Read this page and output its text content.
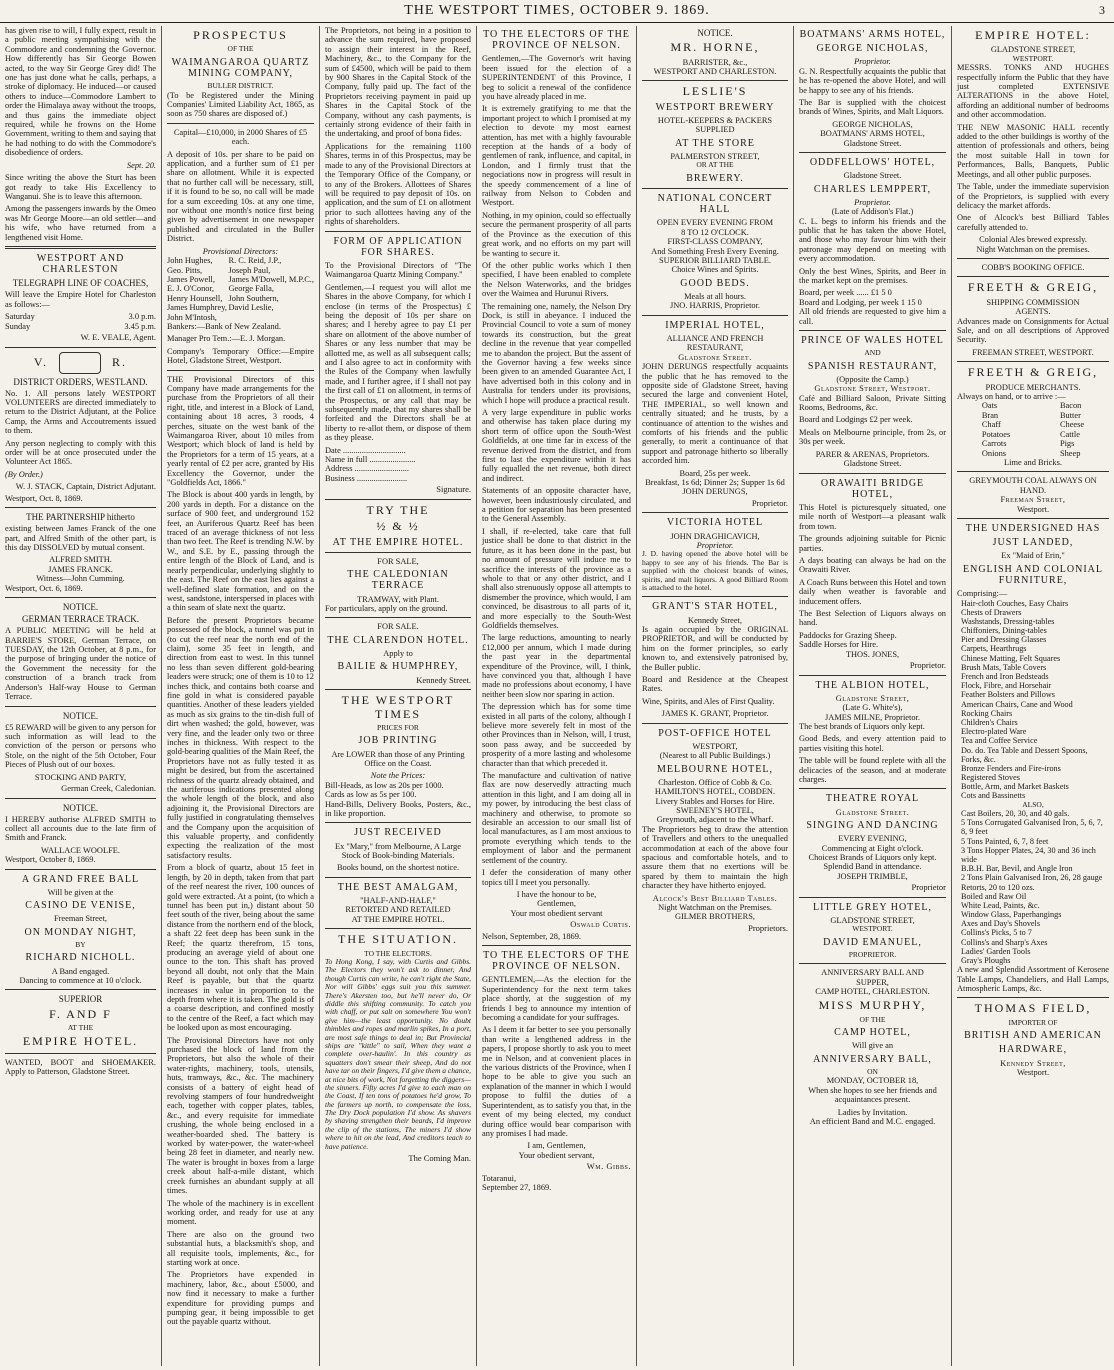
THE WESTPORT TIMES, OCTOBER 9. 1869.	3

has given rise to will, I fully expect, result in a public meeting sympathising with the Commodore and condemning the Governor. How differently has Sir George Bowen acted, to the way Sir George Grey did! The one has just done what he calls, perhaps, a stroke of diplomacy. He induced—or caused others to induce—Commodore Lambert to order the Himalaya away without the troops, and thus gains the immediate object required, while he frowns on the Home Government, writing to them and saying that he had nothing to do with the Commodore's disobedience of orders.

Sept. 20.

Since writing the above the Sturt has been got ready to take His Excellency to Wanganui. She is to leave this afternoon.

Among the passengers inwards by the Omeo was Mr George Moore—an old settler—and his wife, who have returned from a lengthened visit Home.

WESTPORT AND CHARLESTON
TELEGRAPH LINE OF COACHES,

Will leave the Empire Hotel for Charleston as follows:—

Saturday	3.0 p.m.
Sunday	3.45 p.m.
W. E. VEALE, Agent.
V.	R.
DISTRICT ORDERS, WESTLAND.

No. 1. All persons lately WESTPORT VOLUNTEERS are directed immediately to return to the District Adjutant, at the Police Camp, the Arms and Accoutrements issued to them.

Any person neglecting to comply with this order will be at once prosecuted under the Volunteer Act 1865.

(By Order.)

W. J. STACK, Captain, District Adjutant.

Westport, Oct. 8, 1869.

THE PARTNERSHIP hitherto

existing between James Franck of the one part, and Alfred Smith of the other part, is this day DISSOLVED by mutual consent.

ALFRED SMITH.
JAMES FRANCK.
Witness—John Cumming.

Westport, Oct. 6, 1869.

NOTICE.
GERMAN TERRACE TRACK.

A PUBLIC MEETING will be held at BARRIE'S STORE, German Terrace, on TUESDAY, the 12th October, at 8 p.m., for the purpose of bringing under the notice of the Government the necessity for the construction of a branch track from Anderson's Half-way House to German Terrace.

NOTICE.

£5 REWARD will be given to any person for such information as will lead to the conviction of the person or persons who Stole, on the night of the 5th October, Four Pieces of Plush out of our boxes.

STOCKING AND PARTY,
German Creek, Caledonian.
NOTICE.

I HEREBY authorise ALFRED SMITH to collect all accounts due to the late firm of Smith and Franck.

WALLACE WOOLFE.

Westport, October 8, 1869.

A GRAND FREE BALL
Will be given at the
CASINO DE VENISE,
Freeman Street,
ON MONDAY NIGHT,
BY
RICHARD NICHOLL.
A Band engaged.
Dancing to commence at 10 o'clock.
SUPERIOR
F. AND F
AT THE
EMPIRE HOTEL.

WANTED, BOOT and SHOEMAKER. Apply to Patterson, Gladstone Street.

PROSPECTUS
OF THE
WAIMANGAROA QUARTZ MINING COMPANY,
BULLER DISTRICT.

(To be Registered under the Mining Companies' Limited Liability Act, 1865, as soon as 750 shares are disposed of.)

Capital—£10,000, in 2000 Shares of £5 each.

A deposit of 10s. per share to be paid on application, and a further sum of £1 per share on allotment. While it is expected that no further call will be necessary, still, if it is found to be so, no call will be made for a sum exceeding 10s. at any one time, nor without one month's notice first being given by advertisement in one newspaper published and circulated in the Buller District.

Provisional Directors:
John Hughes,
Geo. Pitts,
James Powell,
E. J. O'Conor,
Henry Hounsell,
James Humphrey,
John M'Intosh,
R. C. Reid, J.P.,
Joseph Paul,
James M'Dowell, M.P.C.,
George Falla,
John Southern,
David Leslie,

Bankers:—Bank of New Zealand.

Manager Pro Tem.:—E. J. Morgan.

Company's Temporary Office:—Empire Hotel, Gladstone Street, Westport.

THE Provisional Directors of this Company have made arrangements for the purchase from the Proprietors of all their right, title, and interest in a Block of Land, containing about 18 acres, 3 roods, 4 perches, situate on the west bank of the Waimangaroa River, about 10 miles from Westport; which block of land is held by the Proprietors for a term of 15 years, at a yearly rental of £2 per acre, granted by His Excellency the Governor, under the "Goldfields Act, 1866."

The Block is about 400 yards in length, by 200 yards in depth. For a distance on the surface of 900 feet, and underground 152 feet, an Auriferous Quartz Reef has been traced of an average thickness of not less than two feet. The Reef is trending N.W. by W., and S.E. by E., passing through the entire length of the Block of Land, and is nearly perpendicular, underlying slightly to the east. The Reef on the east lies against a well-defined slate formation, and on the west, sandstone, interspersed in places with a thin seam of slate next the quartz.

Before the present Proprietors became possessed of the block, a tunnel was put in (to cut the reef near the north end of the claim), some 35 feet in length, and direction from east to west. In this tunnel no less than seven different gold-bearing leaders were struck; one of them is 10 to 12 inches thick, and contains both coarse and fine gold in what is considered payable quantities. Another of these leaders yielded as much as six grains to the tin-dish full of dirt when washed; the gold, however, was very fine, and the leader only two or three inches in thickness. With respect to the gold-bearing qualities of the Main Reef, the Proprietors have not as fully tested it as might be desired, but from the ascertained richness of the quartz already obtained, and the auriferous indications presented along the whole length of the block, and also adjoining it, the Provisional Directors are fully justified in congratulating themselves and the Company upon the acquisition of this valuable property, and confidently expecting the realization of the most satisfactory results.

From a block of quartz, about 15 feet in length, by 20 in depth, taken from that part of the reef nearest the river, 100 ounces of gold were extracted. At a point, (to which a tunnel has been put in,) distant about 50 feet south of the river, being about the same distance from the northern end of the block, a shaft 22 feet deep has been sunk in the Reef; the quartz therefrom, 15 tons, producing an average yield of about one ounce to the ton. This shaft has proved beyond all doubt, not only that the Main Reef is payable, but that the quartz increases in value in proportion to the depth from where it is taken. The gold is of a coarse description, and confined mostly to the centre of the Reef, a fact which may be looked upon as most encouraging.

The Provisional Directors have not only purchased the block of land from the Proprietors, but also the whole of their water-rights, machinery, tools, utensils, huts, tramways, &c., &c. The machinery consists of a battery of eight head of revolving stampers of four hundredweight each, together with copper plates, tables, &c., and every requisite for immediate crushing, the whole being enclosed in a weather-boarded shed. The battery is worked by water-power, the water-wheel being 28 feet in diameter, and nearly new. The water is brought in boxes from a large creek about half-a-mile distant, which creek furnishes an abundant supply at all times.

The whole of the machinery is in excellent working order, and ready for use at any moment.

There are also on the ground two substantial huts, a blacksmith's shop, and all requisite tools, implements, &c., for starting work at once.

The Proprietors have expended in machinery, labor, &c., about £5000, and now find it necessary to make a further expenditure for providing pumps and pumping gear, it being impossible to get out the payable quartz without.

The Proprietors, not being in a position to advance the sum required, have proposed to assign their interest in the Reef, Machinery, &c., to the Company for the sum of £4500, which will be paid to them by 900 Shares in the Capital Stock of the Company, fully paid up. The fact of the Proprietors receiving payment in paid up Shares in the Capital Stock of the Company, without any cash payments, is certainly strong evidence of their faith in the undertaking, and proof of bona fides.

Applications for the remaining 1100 Shares, terms in of this Prospectus, may be made to any of the Provisional Directors at the Temporary Office of the Company, or to any of the Brokers. Allottees of Shares will be required to pay deposit of 10s. on application, and the sum of £1 on allotment prior to such allottees having any of the rights of shareholders.

FORM OF APPLICATION FOR SHARES.

To the Provisional Directors of "The Waimangaroa Quartz Mining Company."

Gentlemen,—I request you will allot me Shares in the above Company, for which I enclose (in terms of the Prospectus) £ being the deposit of 10s per share on shares; and I hereby agree to pay £1 per share on allotment of the above number of Shares or any less number that may be allotted me, as well as all subsequent calls; and I also agree to act in conformity with the Rules of the Company when lawfully made, and I further agree, if I shall not pay the first call of £1 on allotment, in terms of the Prospectus, or any call that may be subsequently made, that my shares shall be forfeited and the Directors shall be at liberty to re-allot them, or dispose of them as they please.

Date ..............................
Name in full ......................
Address ..........................
Business ........................
Signature.
TRY THE
½ & ½
AT THE EMPIRE HOTEL.
FOR SALE,
THE CALEDONIAN TERRACE
TRAMWAY, with Plant.

For particulars, apply on the ground.

FOR SALE.
THE CLARENDON HOTEL.
Apply to
BAILIE & HUMPHREY,
Kennedy Street.
THE WESTPORT TIMES
PRICES FOR
JOB PRINTING

Are LOWER than those of any Printing Office on the Coast.

Note the Prices:
Bill-Heads, as low as 20s per 1000.
Cards as low as 5s per 100.

Hand-Bills, Delivery Books, Posters, &c., in like proportion.

JUST RECEIVED

Ex "Mary," from Melbourne, A Large Stock of Book-binding Materials.

Books bound, on the shortest notice.

THE BEST AMALGAM,
"HALF-AND-HALF,"
RETORTED AND RETAILED
AT THE EMPIRE HOTEL.
THE SITUATION.
TO THE ELECTORS.

To Hong Kong, I say, with Curtis and Gibbs. The Electors they won't ask to dinner, And though Curtis can write, he can't right the State, Nor will Gibbs' eggs suit you this summer. There's Akersten too, but he'll never do, Or diddle this shifting community. To catch you with chaff, or put salt on somewhere You won't give him—the least opportunity. No doubt thimbles and ropes and marlin spikes, In a port, are most safe things to deal in; But Provincial ships are "kittle" to sail, When they want a complete over-haulin'. In this country as squatters don't smear their sheep, And do not have tar on their fingers, I'd give them a chance, at nice bits of work, Not forgetting the diggers—the sinners. Fifty acres I'd give to each man on the Coast, If ten tons of potatoes he'd grow, To the farmers up north, to compensate the loss, The Dry Dock population I'd show. As shavers by shaving strengthen their beards, I'd improve the clip of the stations, The miners I'd show where to hit on the lead, And creditors teach to have patience.

The Coming Man.
TO THE ELECTORS OF THE PROVINCE OF NELSON.

Gentlemen,—The Governor's writ having been issued for the election of a SUPERINTENDENT of this Province, I beg to solicit a renewal of the confidence you have already placed in me.

It is extremely gratifying to me that the important project to which I promised at my election to devote my most earnest attention, has met with a highly favourable reception at the hands of a body of gentlemen of rank, influence, and capital, in London, and I firmly trust that the negociations now in progress will result in the speedy commencement of a line of railway from Nelson to Cobden and Westport.

Nothing, in my opinion, could so effectually secure the permanent prosperity of all parts of the Province as the execution of this great work, and no efforts on my part will be wanting to secure it.

Of the other public works which I then specified, I have been enabled to complete the Nelson Waterworks, and the bridges over the Waimea and Hurunui Rivers.

The remaining one, namely, the Nelson Dry Dock, is still in abeyance. I induced the Provincial Council to vote a sum of money towards its construction, but the great decline in the revenue that year compelled me to abandon the project. But the assent of the Governor having a few weeks since been given to an amended Guarantee Act, I have advertised both in this colony and in Australia for tenders under its provisions, which I hope will produce a practical result.

A very large expenditure in public works and otherwise has taken place during my short term of office upon the South-West Goldfields, at one time far in excess of the revenue derived from the district, and from first to last the expenditure within it has fully equalled the net revenue, both direct and indirect.

Statements of an opposite character have, however, been industriously circulated, and a petition for separation has been presented to the General Assembly.

I shall, if re-elected, take care that full justice shall be done to that district in the future, as it has been done in the past, but no amount of pressure will induce me to sacrifice the interests of the province as a whole to that or any other district, and I shall also strenuously oppose all attempts to dismember the province, which would, I am convinced, be disastrous to all parts of it, and more especially to the South-West Goldfields themselves.

The large reductions, amounting to nearly £12,000 per annum, which I made during the past year in the departmental expenditure of the Province, will, I think, have convinced you that, although I have made no professions about economy, I have neither been slow nor sparing in action.

The depression which has for some time existed in all parts of the colony, although I believe more severely felt in most of the other Provinces than in Nelson, will, I trust, soon pass away, and be succeeded by prosperity of a more lasting and wholesome character than that which preceded it.

The manufacture and cultivation of native flax are now deservedly attracting much attention in this light, and I am doing all in my power, by introducing the best class of machinery and otherwise, to promote so desirable an accession to our small list of local manufactures, as I am most anxious to promote everything which tends to the employment of labor and the permanent settlement of the country.

I defer the consideration of many other topics till I meet you personally.

I have the honour to be,
Gentlemen,
Your most obedient servant
Oswald Curtis.

Nelson, September, 28, 1869.

TO THE ELECTORS OF THE PROVINCE OF NELSON.

GENTLEMEN,—As the election for the Superintendency for the next term takes place shortly, at the suggestion of my friends I beg to announce my intention of becoming a candidate for your suffrages.

As I deem it far better to see you personally than write a lengthened address in the papers, I propose shortly to ask you to meet me in Nelson, and at convenient places in the various districts of the Province, when I hope to be able to give you such an explanation of the manner in which I would propose to fulfil the duties of a Superintendent, as to satisfy you that, in the event of my being elected, my conduct during office would bear comparison with any promises I had made.

I am, Gentlemen,
Your obedient servant,
Wm. Gibbs.
Totaranui,
September 27, 1869.
NOTICE.
MR. HORNE,
BARRISTER, &c.,
WESTPORT AND CHARLESTON.
LESLIE'S
WESTPORT BREWERY
HOTEL-KEEPERS & PACKERS
SUPPLIED
AT THE STORE
PALMERSTON STREET,
OR AT THE
BREWERY.
NATIONAL CONCERT HALL
OPEN EVERY EVENING FROM
8 TO 12 O'CLOCK.
FIRST-CLASS COMPANY,
And Something Fresh Every Evening.
SUPERIOR BILLIARD TABLE.
Choice Wines and Spirits.
GOOD BEDS.
Meals at all hours.
JNO. HARRIS, Proprietor.
IMPERIAL HOTEL,
ALLIANCE AND FRENCH RESTAURANT,
Gladstone Street.

JOHN DERUNGS respectfully acquaints the public that he has removed to the opposite side of Gladstone Street, having secured the large and convenient Hotel, THE IMPERIAL, so well known and centrally situated; and he trusts, by a continuance of attention to the wishes and comforts of his friends and the public generally, to merit a continuance of that support and patronage hitherto so liberally accorded him.

Board, 25s per week.
Breakfast, 1s 6d; Dinner 2s; Supper 1s 6d
JOHN DERUNGS,
Proprietor.
VICTORIA HOTEL
JOHN DRAGHICAVICH,
Proprietor.

J. D. having opened the above hotel will be happy to see any of his friends. The Bar is supplied with the choicest brands of wines, spirits, and malt liquors. A good Billiard Room is attached to the hotel.

GRANT'S STAR HOTEL,
Kennedy Street,

Is again occupied by the ORIGINAL PROPRIETOR, and will be conducted by him on the former principles, so early known to, and extensively patronised by, the Buller public.

Board and Residence at the Cheapest Rates.

Wine, Spirits, and Ales of First Quality.

JAMES K. GRANT, Proprietor.
POST-OFFICE HOTEL
WESTPORT,
(Nearest to all Public Buildings.)
MELBOURNE HOTEL,
Charleston. Office of Cobb & Co.
HAMILTON'S HOTEL, COBDEN.
Livery Stables and Horses for Hire.
SWEENEY'S HOTEL,
Greymouth, adjacent to the Wharf.

The Proprietors beg to draw the attention of Travellers and others to the unequalled accommodation at each of the above four spacious and comfortable hotels, and to assure them that no exertions will be spared by them to maintain the high character they have hitherto enjoyed.

Alcock's Best Billiard Tables.
Night Watchman on the Premises.
GILMER BROTHERS,
Proprietors.
BOATMANS' ARMS HOTEL,
GEORGE NICHOLAS,
Proprietor.

G. N. Respectfully acquaints the public that he has re-opened the above Hotel, and will be happy to see any of his friends.

The Bar is supplied with the choicest brands of Wines, Spirits, and Malt Liquors.

GEORGE NICHOLAS,
BOATMANS' ARMS HOTEL,
Gladstone Street.
ODDFELLOWS' HOTEL,
Gladstone Street.
CHARLES LEMPPERT,
Proprietor.
(Late of Addison's Flat.)

C. L. begs to inform his friends and the public that he has taken the above Hotel, and those who may favour him with their patronage may depend on meeting with every accommodation.

Only the best Wines, Spirits, and Beer in the market kept on the premises.

Board, per week ...... £1 5 0
Board and Lodging, per week 1 15 0

All old friends are requested to give him a call.

PRINCE OF WALES HOTEL
AND
SPANISH RESTAURANT,
(Opposite the Camp.)
Gladstone Street, Westport.

Café and Billiard Saloon, Private Sitting Rooms, Bedrooms, &c.

Board and Lodgings £2 per week.

Meals on Melbourne principle, from 2s, or 30s per week.

PARER & ARENAS, Proprietors.
Gladstone Street.
ORAWAITI BRIDGE HOTEL,

This Hotel is picturesquely situated, one mile north of Westport—a pleasant walk from town.

The grounds adjoining suitable for Picnic parties.

A days boating can always be had on the Orawaiti River.

A Coach Runs between this Hotel and town daily when weather is favorable and inducement offers.

The Best Selection of Liquors always on hand.

Paddocks for Grazing Sheep.
Saddle Horses for Hire.
THOS. JONES,
Proprietor.
THE ALBION HOTEL,
Gladstone Street,
(Late G. White's),
JAMES MILNE, Proprietor.

The best brands of Liquors only kept.

Good Beds, and every attention paid to parties visiting this hotel.

The table will be found replete with all the delicacies of the season, and at moderate charges.

THEATRE ROYAL
Gladstone Street.
SINGING AND DANCING
EVERY EVENING,
Commencing at Eight o'clock.
Choicest Brands of Liquors only kept.
Splendid Band in attendance.
JOSEPH TRIMBLE,
Proprietor
LITTLE GREY HOTEL,
GLADSTONE STREET,
WESTPORT.
DAVID EMANUEL,
PROPRIETOR.
ANNIVERSARY BALL AND
SUPPER,
CAMP HOTEL, CHARLESTON.
MISS MURPHY,
OF THE
CAMP HOTEL,
Will give an
ANNIVERSARY BALL,
ON
MONDAY, OCTOBER 18,

When she hopes to see her friends and acquaintances present.

Ladies by Invitation.
An efficient Band and M.C. engaged.
EMPIRE HOTEL:
GLADSTONE STREET,
WESTPORT.

MESSRS. TONKS AND HUGHES respectfully inform the Public that they have just completed EXTENSIVE ALTERATIONS in the above Hotel, affording an additional number of bedrooms and other accommodation.

THE NEW MASONIC HALL recently added to the other buildings is worthy of the attention of professionals and others, being the most suitable Hall in town for Performances, Balls, Banquets, Public Meetings, and all other public purposes.

The Table, under the immediate supervision of the Proprietors, is supplied with every delicacy the market affords.

One of Alcock's best Billiard Tables carefully attended to.

Colonial Ales brewed expressly.
Night Watchman on the premises.
COBB'S BOOKING OFFICE.
FREETH & GREIG,
SHIPPING COMMISSION
AGENTS.

Advances made on Consignments for Actual Sale, and on all descriptions of Approved Security.

FREEMAN STREET, WESTPORT.
FREETH & GREIG,
PRODUCE MERCHANTS.
Always on hand, or to arrive :—
Oats
Bran
Chaff
Potatoes
Carrots
Onions
Bacon
Butter
Cheese
Cattle
Pigs
Sheep
Lime and Bricks.
GREYMOUTH COAL ALWAYS ON HAND.
Freeman Street,
Westport.
THE UNDERSIGNED HAS
JUST LANDED,
Ex "Maid of Erin,"
ENGLISH AND COLONIAL FURNITURE,
Comprising:—
Hair-cloth Couches, Easy Chairs
Chests of Drawers
Washstands, Dressing-tables
Chiffoniers, Dining-tables
Pier and Dressing Glasses
Carpets, Hearthrugs
Chinese Matting, Felt Squares
Brush Mats, Table Covers
French and Iron Bedsteads
Flock, Fibre, and Horsehair
Feather Bolsters and Pillows
American Chairs, Cane and Wood
Rocking Chairs
Children's Chairs
Electro-plated Ware
Tea and Coffee Service
Do. do. Tea Table and Dessert Spoons, Forks, &c.
Bronze Fenders and Fire-irons
Registered Stoves
Bottle, Arm, and Market Baskets
Cots and Bassinetts
ALSO,
Cast Boilers, 20, 30, and 40 gals.
5 Tons Corrugated Galvanised Iron, 5, 6, 7, 8, 9 feet
5 Tons Painted, 6, 7, 8 feet
3 Tons Hopper Plates, 24, 30 and 36 inch wide
B.B.H. Bar, Bevil, and Angle Iron
2 Tons Plain Galvanised Iron, 26, 28 gauge
Retorts, 20 to 120 ozs.
Boiled and Raw Oil
White Lead, Paints, &c.
Window Glass, Paperhangings
Axes and Day's Shovels
Collins's Picks, 5 to 7
Collins's and Sharp's Axes
Ladies' Garden Tools
Gray's Ploughs

A new and Splendid Assortment of Kerosene Table Lamps, Chandeliers, and Hall Lamps, Atmospheric Lamps, &c.

THOMAS FIELD,
IMPORTER OF
BRITISH AND AMERICAN
HARDWARE,
Kennedy Street,
Westport.
